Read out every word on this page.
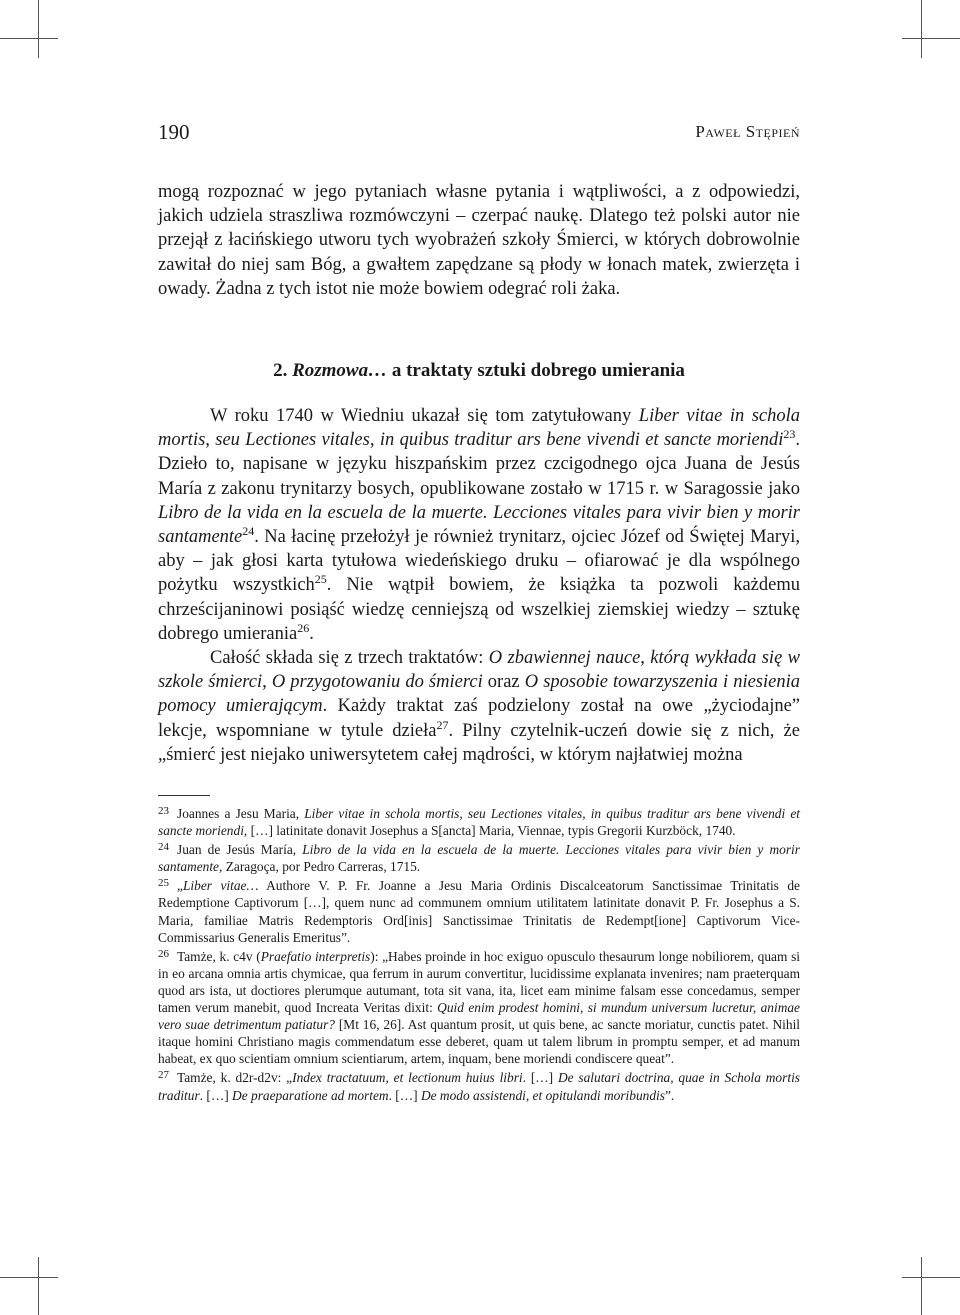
190	Paweł Stępień

mogą rozpoznać w jego pytaniach własne pytania i wątpliwości, a z odpowiedzi, jakich udziela straszliwa rozmówczyni – czerpać naukę. Dlatego też polski autor nie przejął z łacińskiego utworu tych wyobrażeń szkoły Śmierci, w których dobrowolnie zawitał do niej sam Bóg, a gwałtem zapędzane są płody w łonach matek, zwierzęta i owady. Żadna z tych istot nie może bowiem odegrać roli żaka.

2. Rozmowa… a traktaty sztuki dobrego umierania

W roku 1740 w Wiedniu ukazał się tom zatytułowany Liber vitae in schola mortis, seu Lectiones vitales, in quibus traditur ars bene vivendi et sancte moriendi$^{23}$. Dzieło to, napisane w języku hiszpańskim przez czcigodnego ojca Juana de Jesús María z zakonu trynitarzy bosych, opublikowane zostało w 1715 r. w Saragossie jako Libro de la vida en la escuela de la muerte. Lecciones vitales para vivir bien y morir santamente$^{24}$. Na łacinę przełożył je również trynitarz, ojciec Józef od Świętej Maryi, aby – jak głosi karta tytułowa wiedeńskiego druku – ofiarować je dla wspólnego pożytku wszystkich$^{25}$. Nie wątpił bowiem, że książka ta pozwoli każdemu chrześcijaninowi posiąść wiedzę cenniejszą od wszelkiej ziemskiej wiedzy – sztukę dobrego umierania$^{26}$.

Całość składa się z trzech traktatów: O zbawiennej nauce, którą wykłada się w szkole śmierci, O przygotowaniu do śmierci oraz O sposobie towarzyszenia i niesienia pomocy umierającym. Każdy traktat zaś podzielony został na owe „życiodajne” lekcje, wspomniane w tytule dzieła$^{27}$. Pilny czytelnik-uczeń dowie się z nich, że „śmierć jest niejako uniwersytetem całej mądrości, w którym najłatwiej można

$^{23}$ Joannes a Jesu Maria, Liber vitae in schola mortis, seu Lectiones vitales, in quibus traditur ars bene vivendi et sancte moriendi, […] latinitate donavit Josephus a S[ancta] Maria, Viennae, typis Gregorii Kurzböck, 1740.

$^{24}$ Juan de Jesús María, Libro de la vida en la escuela de la muerte. Lecciones vitales para vivir bien y morir santamente, Zaragoça, por Pedro Carreras, 1715.

$^{25}$ „Liber vitae… Authore V. P. Fr. Joanne a Jesu Maria Ordinis Discalceatorum Sanctissimae Trinitatis de Redemptione Captivorum […], quem nunc ad communem omnium utilitatem latinitate donavit P. Fr. Josephus a S. Maria, familiae Matris Redemptoris Ord[inis] Sanctissimae Trinitatis de Redempt[ione] Captivorum Vice-Commissarius Generalis Emeritus”.

$^{26}$ Tamże, k. c4v (Praefatio interpretis): „Habes proinde in hoc exiguo opusculo thesaurum longe nobiliorem, quam si in eo arcana omnia artis chymicae, qua ferrum in aurum convertitur, lucidissime explanata invenires; nam praeterquam quod ars ista, ut doctiores plerumque autumant, tota sit vana, ita, licet eam minime falsam esse concedamus, semper tamen verum manebit, quod Increata Veritas dixit: Quid enim prodest homini, si mundum universum lucretur, animae vero suae detrimentum patiatur? [Mt 16, 26]. Ast quantum prosit, ut quis bene, ac sancte moriatur, cunctis patet. Nihil itaque homini Christiano magis commendatum esse deberet, quam ut talem librum in promptu semper, et ad manum habeat, ex quo scientiam omnium scientiarum, artem, inquam, bene moriendi condiscere queat”.

$^{27}$ Tamże, k. d2r-d2v: „Index tractatuum, et lectionum huius libri. […] De salutari doctrina, quae in Schola mortis traditur. […] De praeparatione ad mortem. […] De modo assistendi, et opitulandi moribundis”.
